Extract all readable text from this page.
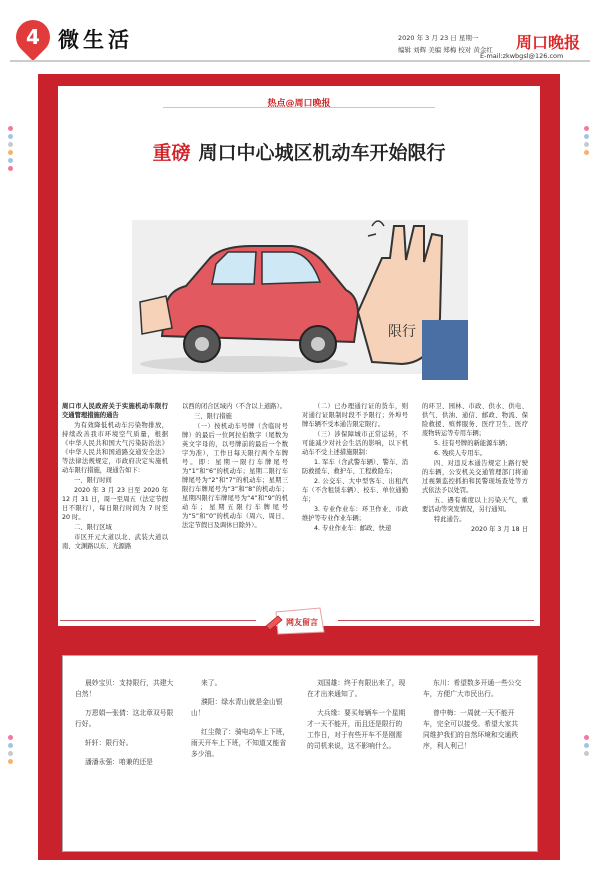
4 微生活	2020 年 3 月 23 日 星期一
编辑 刘辉 美编 郑梅 校对 黄金红 周口晚报
E-mail:zkwbgsl@126.com
热点@周口晚报
重磅 周口中心城区机动车开始限行
限行

周口市人民政府关于实施机动车限行交通管理措施的通告

为有效降低机动车污染物排放，持续改善我市环境空气质量，根据《中华人民共和国大气污染防治法》《中华人民共和国道路交通安全法》等法律法规规定，市政府决定实施机动车限行措施，现通告如下：

一、限行时间

2020 年 3 月 23 日至 2020 年 12 月 31 日，周一至周五（法定节假日不限行），每日限行时间为 7 时至 20 时。

二、限行区域

市区开元大道以北、武装大道以南、文渊路以东、光源路

以西的闭合区域内（不含以上道路）。

三、限行措施

（一）按机动车号牌（含临时号牌）的最后一位阿拉伯数字（尾数为英文字母的，以号牌前的最后一个数字为准），工作日每天限行两个车牌号。即：星期一限行车牌尾号为“1”和“6”的机动车；星期二限行车牌尾号为“2”和“7”的机动车；星期三限行车牌尾号为“3”和“8”的机动车；星期四限行车牌尾号为“4”和“9”的机动车；星期五限行车牌尾号为“5”和“0”的机动车（周六、周日、法定节假日及调休日除外）。

（二）已办理通行证的货车，则对通行证限制时段不予限行；外埠号牌车辆不受本通告限定限行。

（三）涉保障城市正常运转，不可能减少对社会生活的影响，以下机动车不受上述措施限制：

1. 军车（含武警车辆）、警车、消防救援车、救护车、工程救险车；

2. 公交车、大中型客车、出租汽车（不含租赁车辆）、校车、单位通勤车；

3. 专业作业车：环卫作业、市政维护等专业作业车辆；

4. 专业作业车：邮政、快递

的环卫、园林、市政、供水、供电、供气、供油、通信、邮政、物流、保险救援、殡葬服务、医疗卫生、医疗废物转运等专用车辆；

5. 挂有号牌的新能源车辆；

6. 残疾人专用车。

四、对违反本通告规定上路行驶的车辆，公安机关交通管理部门将通过视频监控抓拍和民警现场查处等方式依法予以处罚。

五、遇有重度以上污染天气，重要活动等突发情况，另行通知。

特此通告。

2020 年 3 月 18 日

网友留言

晨妙宝贝：支持限行，共建大自然！

万恩娟—张倩：这北章双号限行好。

轩轩：限行好。

潘潘永强：咱兼的还是

来了。

濮阳：绿水青山就是金山银山！

红尘微了：骑电动车上下班，雨天开车上下班，不知道又能省多少油。

刘国雄：终于有限出来了，现在才出来通知了。

大兵缘：要买每辆车一个星期才一天不能开，而且还是限行的工作日，对于有些开车不是刚需的司机来说，这不影响什么。

东川：希望数多开通一些公交车，方便广大市民出行。

曾中梅：一周就一天不能开车，完全可以接受。希望大家共同维护我们的自然环境和交通秩序，利人利己！
